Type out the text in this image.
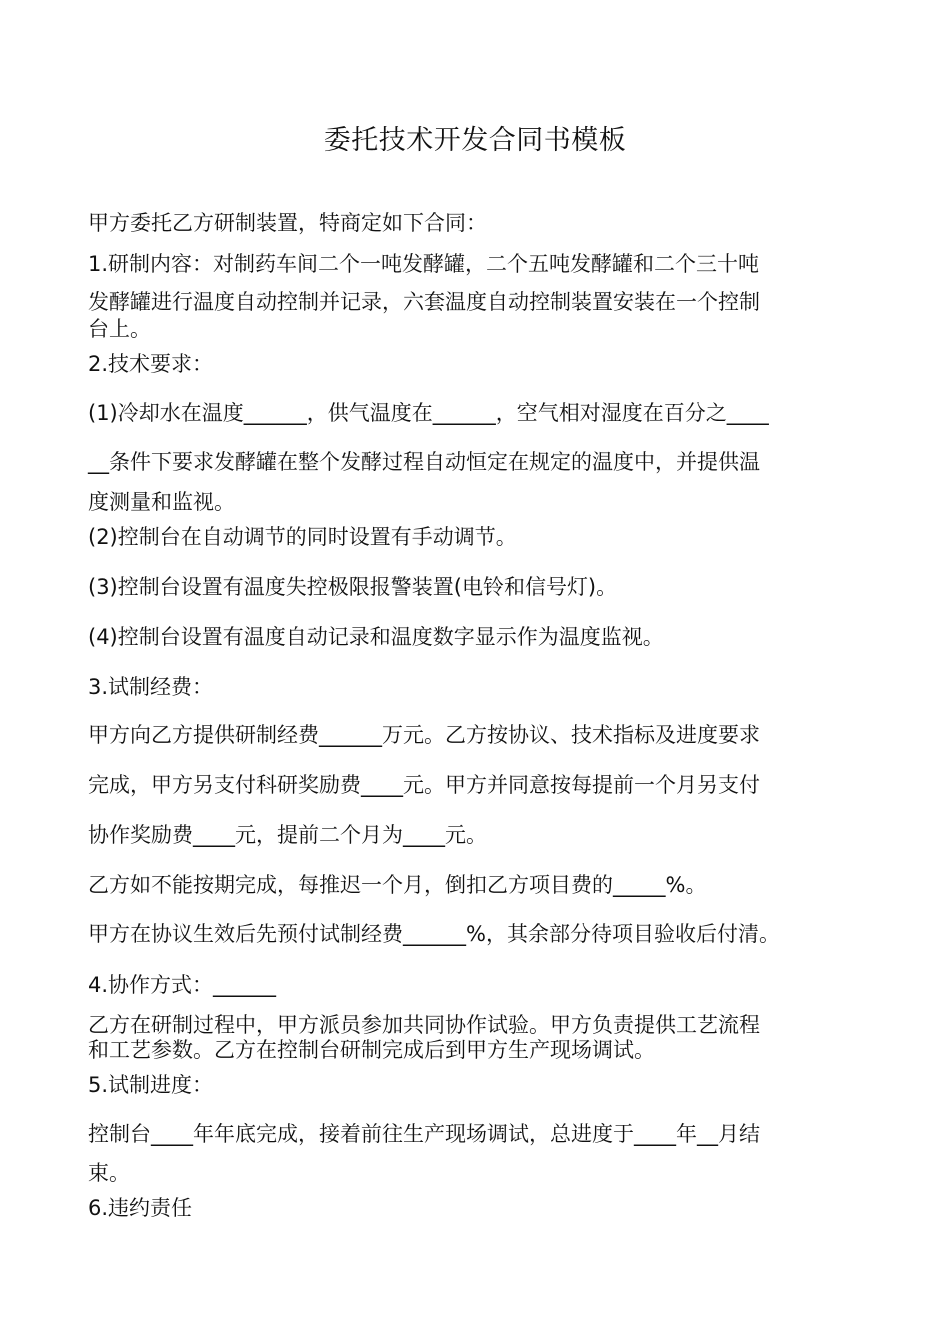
委托技术开发合同书模板
甲方委托乙方研制装置，特商定如下合同：
1.研制内容：对制药车间二个一吨发酵罐，二个五吨发酵罐和二个三十吨
发酵罐进行温度自动控制并记录，六套温度自动控制装置安装在一个控制
台上。
2.技术要求：
(1)冷却水在温度______，供气温度在______，空气相对湿度在百分之____
__条件下要求发酵罐在整个发酵过程自动恒定在规定的温度中，并提供温
度测量和监视。
(2)控制台在自动调节的同时设置有手动调节。
(3)控制台设置有温度失控极限报警装置(电铃和信号灯)。
(4)控制台设置有温度自动记录和温度数字显示作为温度监视。
3.试制经费：
甲方向乙方提供研制经费______万元。乙方按协议、技术指标及进度要求
完成，甲方另支付科研奖励费____元。甲方并同意按每提前一个月另支付
协作奖励费____元，提前二个月为____元。
乙方如不能按期完成，每推迟一个月，倒扣乙方项目费的_____%。
甲方在协议生效后先预付试制经费______%，其余部分待项目验收后付清。
4.协作方式：______
乙方在研制过程中，甲方派员参加共同协作试验。甲方负责提供工艺流程
和工艺参数。乙方在控制台研制完成后到甲方生产现场调试。
5.试制进度：
控制台____年年底完成，接着前往生产现场调试，总进度于____年__月结
束。
6.违约责任
